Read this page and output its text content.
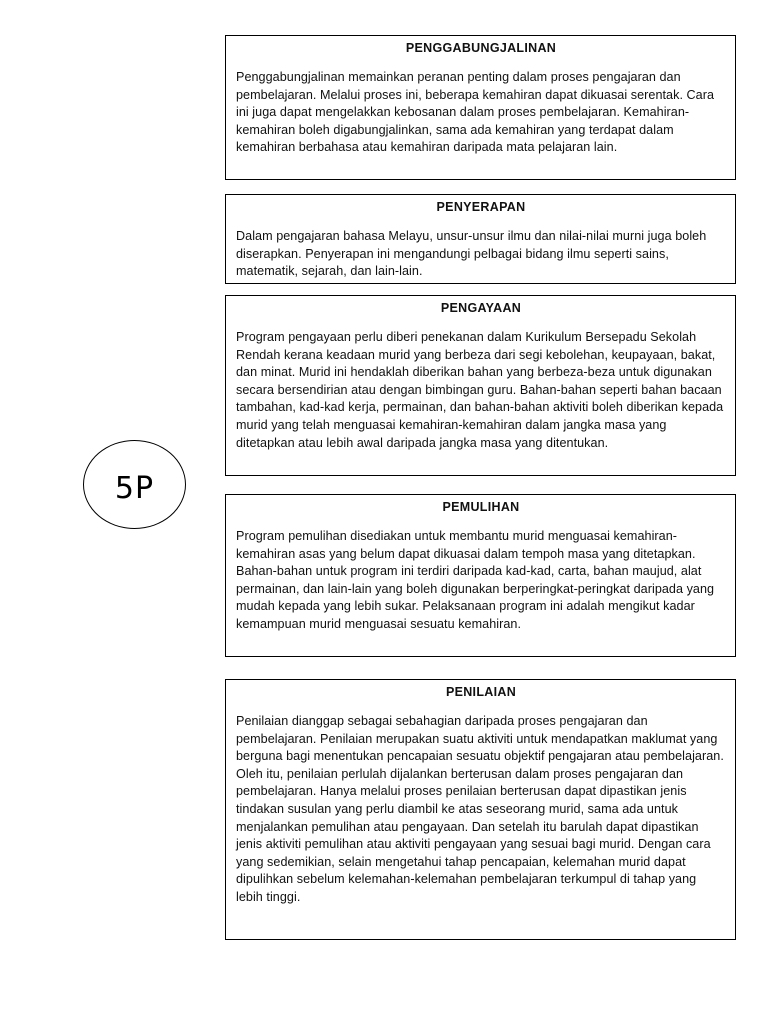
5P
PENGGABUNGJALINAN

Penggabungjalinan memainkan peranan penting dalam proses pengajaran dan pembelajaran. Melalui proses ini, beberapa kemahiran dapat dikuasai serentak. Cara ini juga dapat mengelakkan kebosanan dalam proses pembelajaran. Kemahiran-kemahiran boleh digabungjalinkan, sama ada kemahiran yang terdapat dalam kemahiran berbahasa atau kemahiran daripada mata pelajaran lain.

PENYERAPAN

Dalam pengajaran bahasa Melayu, unsur-unsur ilmu dan nilai-nilai murni juga boleh diserapkan. Penyerapan ini mengandungi pelbagai bidang ilmu seperti sains, matematik, sejarah, dan lain-lain.

PENGAYAAN

Program pengayaan perlu diberi penekanan dalam Kurikulum Bersepadu Sekolah Rendah kerana keadaan murid yang berbeza dari segi kebolehan, keupayaan, bakat, dan minat. Murid ini hendaklah diberikan bahan yang berbeza-beza untuk digunakan secara bersendirian atau dengan bimbingan guru. Bahan-bahan seperti bahan bacaan tambahan, kad-kad kerja, permainan, dan bahan-bahan aktiviti boleh diberikan kepada murid yang telah menguasai kemahiran-kemahiran dalam jangka masa yang ditetapkan atau lebih awal daripada jangka masa yang ditentukan.

PEMULIHAN

Program pemulihan disediakan untuk membantu murid menguasai kemahiran-kemahiran asas yang belum dapat dikuasai dalam tempoh masa yang ditetapkan. Bahan-bahan untuk program ini terdiri daripada kad-kad, carta, bahan maujud, alat permainan, dan lain-lain yang boleh digunakan berperingkat-peringkat daripada yang mudah kepada yang lebih sukar. Pelaksanaan program ini adalah mengikut kadar kemampuan murid menguasai sesuatu kemahiran.

PENILAIAN

Penilaian dianggap sebagai sebahagian daripada proses pengajaran dan pembelajaran. Penilaian merupakan suatu aktiviti untuk mendapatkan maklumat yang berguna bagi menentukan pencapaian sesuatu objektif pengajaran atau pembelajaran. Oleh itu, penilaian perlulah dijalankan berterusan dalam proses pengajaran dan pembelajaran. Hanya melalui proses penilaian berterusan dapat dipastikan jenis tindakan susulan yang perlu diambil ke atas seseorang murid, sama ada untuk menjalankan pemulihan atau pengayaan. Dan setelah itu barulah dapat dipastikan jenis aktiviti pemulihan atau aktiviti pengayaan yang sesuai bagi murid. Dengan cara yang sedemikian, selain mengetahui tahap pencapaian, kelemahan murid dapat dipulihkan sebelum kelemahan-kelemahan pembelajaran terkumpul di tahap yang lebih tinggi.
